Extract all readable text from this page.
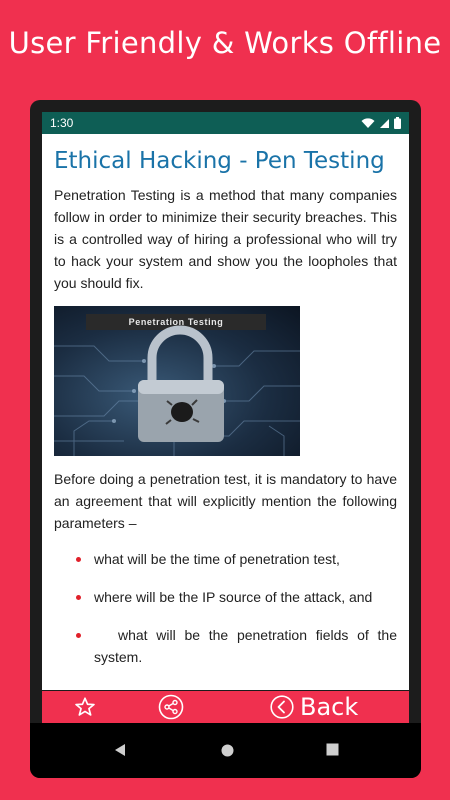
User Friendly & Works Offline
1:30
Ethical Hacking - Pen Testing

Penetration Testing is a method that many companies follow in order to minimize their security breaches. This is a controlled way of hiring a professional who will try to hack your system and show you the loopholes that you should fix.

Penetration Testing

Before doing a penetration test, it is mandatory to have an agreement that will explicitly mention the following parameters –

what will be the time of penetration test,
where will be the IP source of the attack, and
what will be the penetration fields of the system.
Back
